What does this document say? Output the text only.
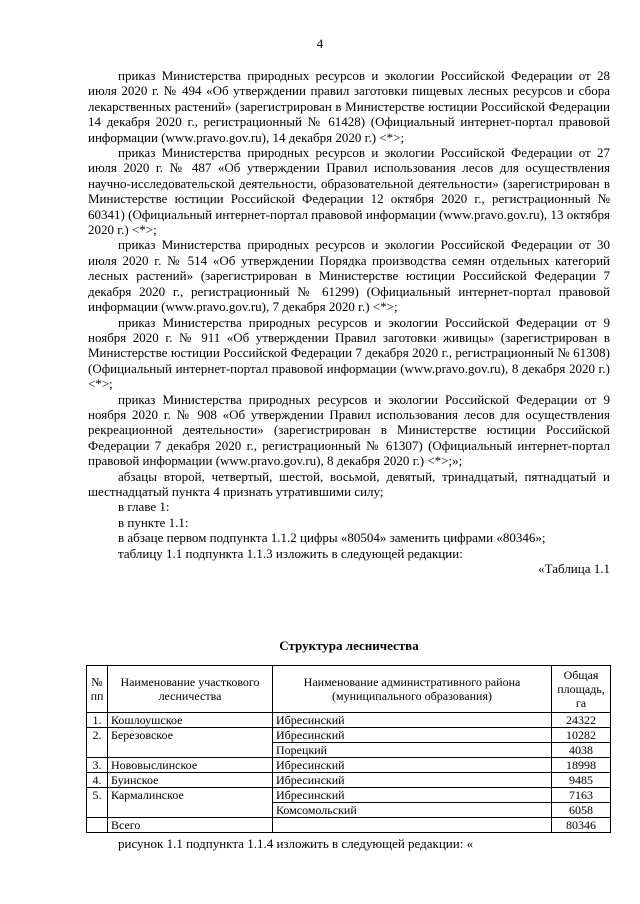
4

приказ Министерства природных ресурсов и экологии Российской Федерации от 28 июля 2020 г. № 494 «Об утверждении правил заготовки пищевых лесных ресурсов и сбора лекарственных растений» (зарегистрирован в Министерстве юстиции Российской Федерации 14 декабря 2020 г., регистрационный № 61428) (Официальный интернет-портал правовой информации (www.pravo.gov.ru), 14 декабря 2020 г.) <*>;

приказ Министерства природных ресурсов и экологии Российской Федерации от 27 июля 2020 г. № 487 «Об утверждении Правил использования лесов для осуществления научно-исследовательской деятельности, образовательной деятельности» (зарегистрирован в Министерстве юстиции Российской Федерации 12 октября 2020 г., регистрационный № 60341) (Официальный интернет-портал правовой информации (www.pravo.gov.ru), 13 октября 2020 г.) <*>;

приказ Министерства природных ресурсов и экологии Российской Федерации от 30 июля 2020 г. № 514 «Об утверждении Порядка производства семян отдельных категорий лесных растений» (зарегистрирован в Министерстве юстиции Российской Федерации 7 декабря 2020 г., регистрационный № 61299) (Официальный интернет-портал правовой информации (www.pravo.gov.ru), 7 декабря 2020 г.) <*>;

приказ Министерства природных ресурсов и экологии Российской Федерации от 9 ноября 2020 г. № 911 «Об утверждении Правил заготовки живицы» (зарегистрирован в Министерстве юстиции Российской Федерации 7 декабря 2020 г., регистрационный № 61308) (Официальный интернет-портал правовой информации (www.pravo.gov.ru), 8 декабря 2020 г.) <*>;

приказ Министерства природных ресурсов и экологии Российской Федерации от 9 ноября 2020 г. № 908 «Об утверждении Правил использования лесов для осуществления рекреационной деятельности» (зарегистрирован в Министерстве юстиции Российской Федерации 7 декабря 2020 г., регистрационный № 61307) (Официальный интернет-портал правовой информации (www.pravo.gov.ru), 8 декабря 2020 г.) <*>;»;

абзацы второй, четвертый, шестой, восьмой, девятый, тринадцатый, пятнадцатый и шестнадцатый пункта 4 признать утратившими силу;

в главе 1:

в пункте 1.1:

в абзаце первом подпункта 1.1.2 цифры «80504» заменить цифрами «80346»;

таблицу 1.1 подпункта 1.1.3 изложить в следующей редакции:

«Таблица 1.1

Структура лесничества
№ пп	Наименование участкового лесничества	Наименование административного района (муниципального образования)	Общая площадь, га
1.	Кошлоушское	Ибресинский	24322
2.	Березовское	Ибресинский	10282
		Порецкий	4038
3.	Нововыслинское	Ибресинский	18998
4.	Буинское	Ибресинский	9485
5.	Кармалинское	Ибресинский	7163
		Комсомольский	6058
	Всего		80346

рисунок 1.1 подпункта 1.1.4 изложить в следующей редакции: «
